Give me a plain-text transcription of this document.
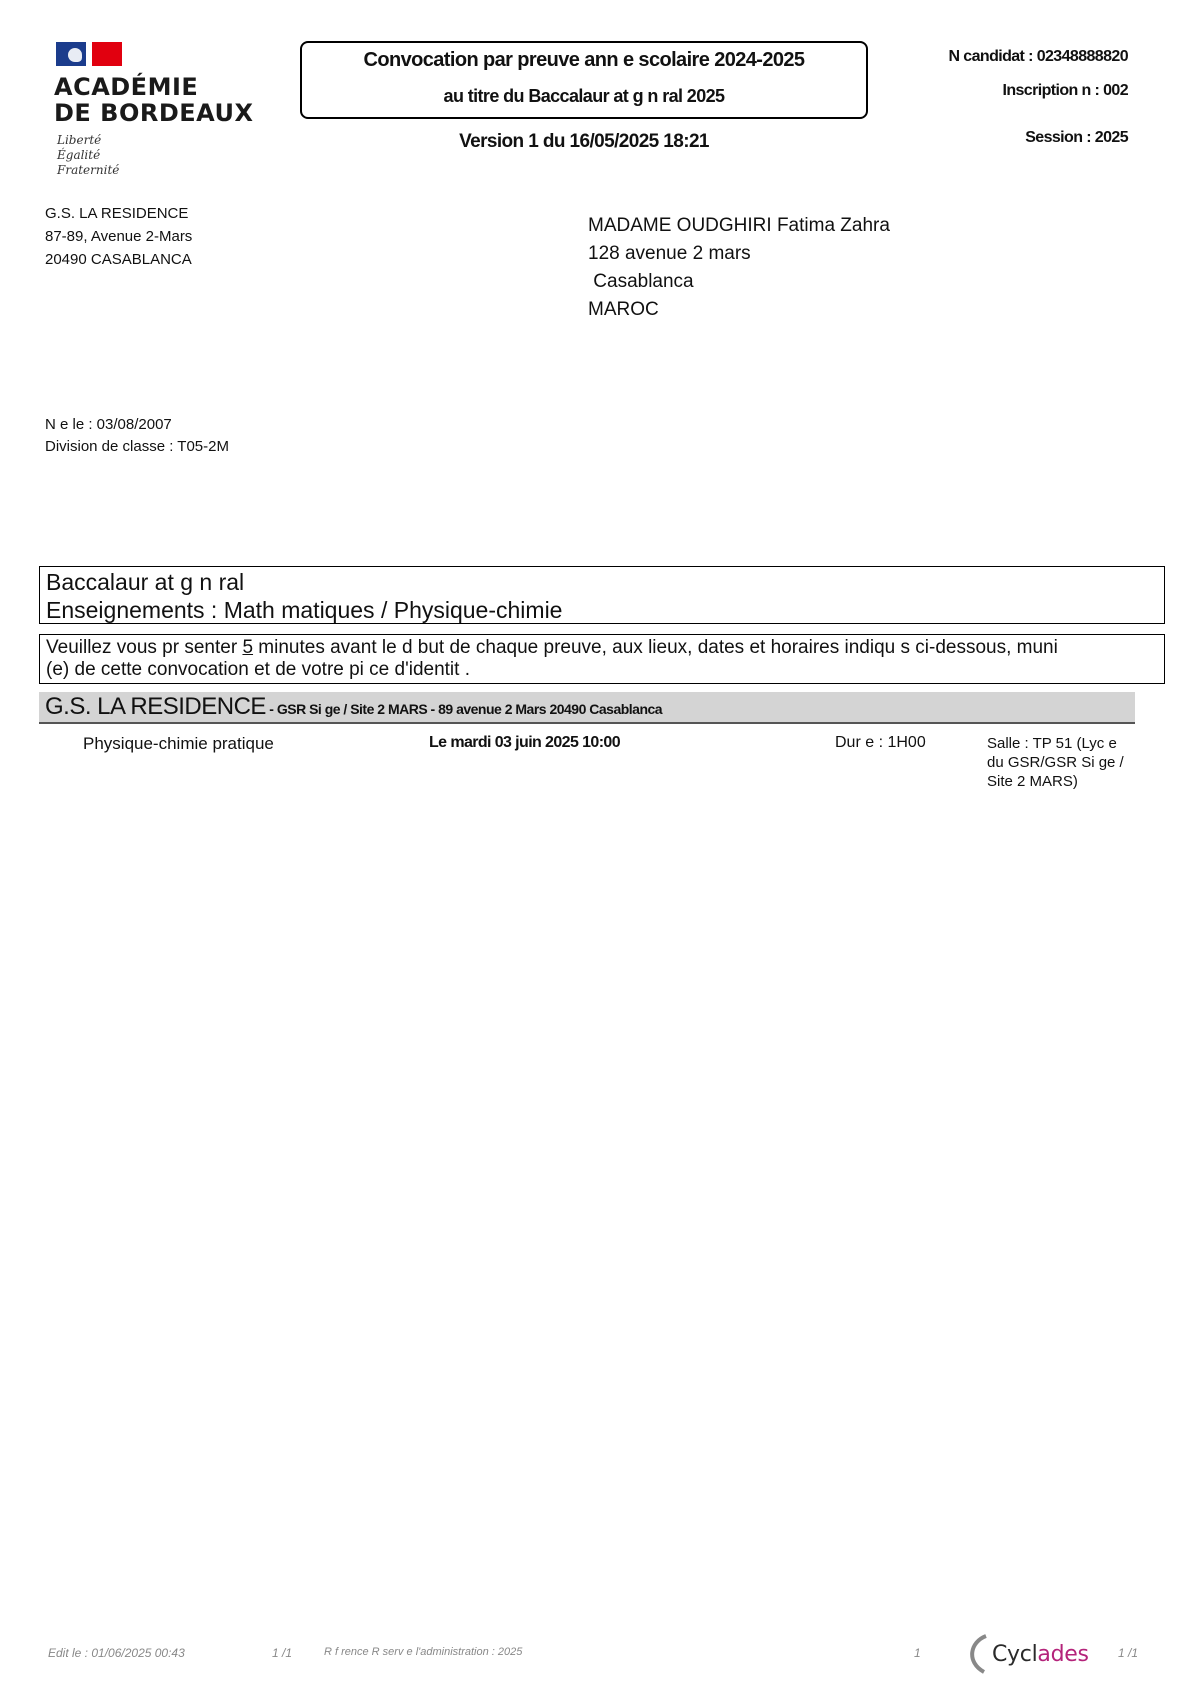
ACADÉMIE
DE BORDEAUX
Liberté
Égalité
Fraternité
Convocation par preuve ann e scolaire 2024-2025
au titre du Baccalaur at g n ral 2025
Version 1 du 16/05/2025 18:21
N candidat : 02348888820
Inscription n : 002
Session : 2025
G.S. LA RESIDENCE
87-89, Avenue 2-Mars
20490 CASABLANCA
MADAME OUDGHIRI Fatima Zahra
128 avenue 2 mars
Casablanca
MAROC
N e le : 03/08/2007
Division de classe : T05-2M
Baccalaur at g n ral
Enseignements : Math matiques / Physique-chimie
Veuillez vous pr senter 5 minutes avant le d but de chaque preuve, aux lieux, dates et horaires indiqu s ci-dessous, muni
(e) de cette convocation et de votre pi ce d'identit .
G.S. LA RESIDENCE - GSR Si ge / Site 2 MARS - 89 avenue 2 Mars 20490 Casablanca
Physique-chimie pratique	Le mardi 03 juin 2025 10:00	Dur e : 1H00	Salle : TP 51 (Lyc e
du GSR/GSR Si ge /
Site 2 MARS)
Edit le : 01/06/2025 00:43	1 /1	R f rence R serv e l'administration : 2025	1	Cyclades 1 /1
